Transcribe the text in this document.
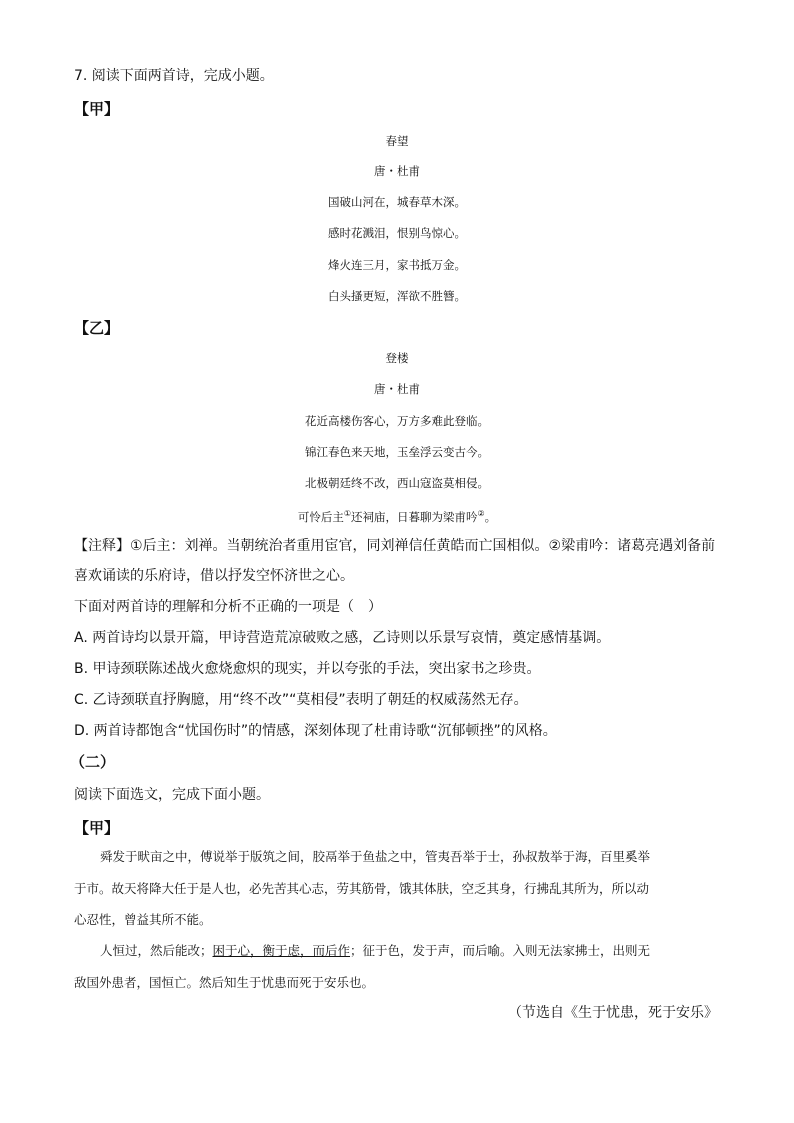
7. 阅读下面两首诗，完成小题。
【甲】
春望
唐・杜甫
国破山河在，城春草木深。
感时花溅泪，恨别鸟惊心。
烽火连三月，家书抵万金。
白头搔更短，浑欲不胜簪。
【乙】
登楼
唐・杜甫
花近高楼伤客心，万方多难此登临。
锦江春色来天地，玉垒浮云变古今。
北极朝廷终不改，西山寇盗莫相侵。
可怜后主①还祠庙，日暮聊为梁甫吟②。
【注释】①后主：刘禅。当朝统治者重用宦官，同刘禅信任黄皓而亡国相似。②梁甫吟：诸葛亮遇刘备前
喜欢诵读的乐府诗，借以抒发空怀济世之心。
下面对两首诗的理解和分析不正确的一项是（　）
A. 两首诗均以景开篇，甲诗营造荒凉破败之感，乙诗则以乐景写哀情，奠定感情基调。
B. 甲诗颈联陈述战火愈烧愈炽的现实，并以夸张的手法，突出家书之珍贵。
C. 乙诗颈联直抒胸臆，用“终不改”“莫相侵”表明了朝廷的权威荡然无存。
D. 两首诗都饱含“忧国伤时”的情感，深刻体现了杜甫诗歌“沉郁顿挫”的风格。
（二）
阅读下面选文，完成下面小题。
【甲】
舜发于畎亩之中，傅说举于版筑之间，胶鬲举于鱼盐之中，管夷吾举于士，孙叔敖举于海，百里奚举
于市。故天将降大任于是人也，必先苦其心志，劳其筋骨，饿其体肤，空乏其身，行拂乱其所为，所以动
心忍性，曾益其所不能。
人恒过，然后能改；困于心，衡于虑，而后作；征于色，发于声，而后喻。入则无法家拂士，出则无
敌国外患者，国恒亡。然后知生于忧患而死于安乐也。
（节选自《生于忧患，死于安乐》
